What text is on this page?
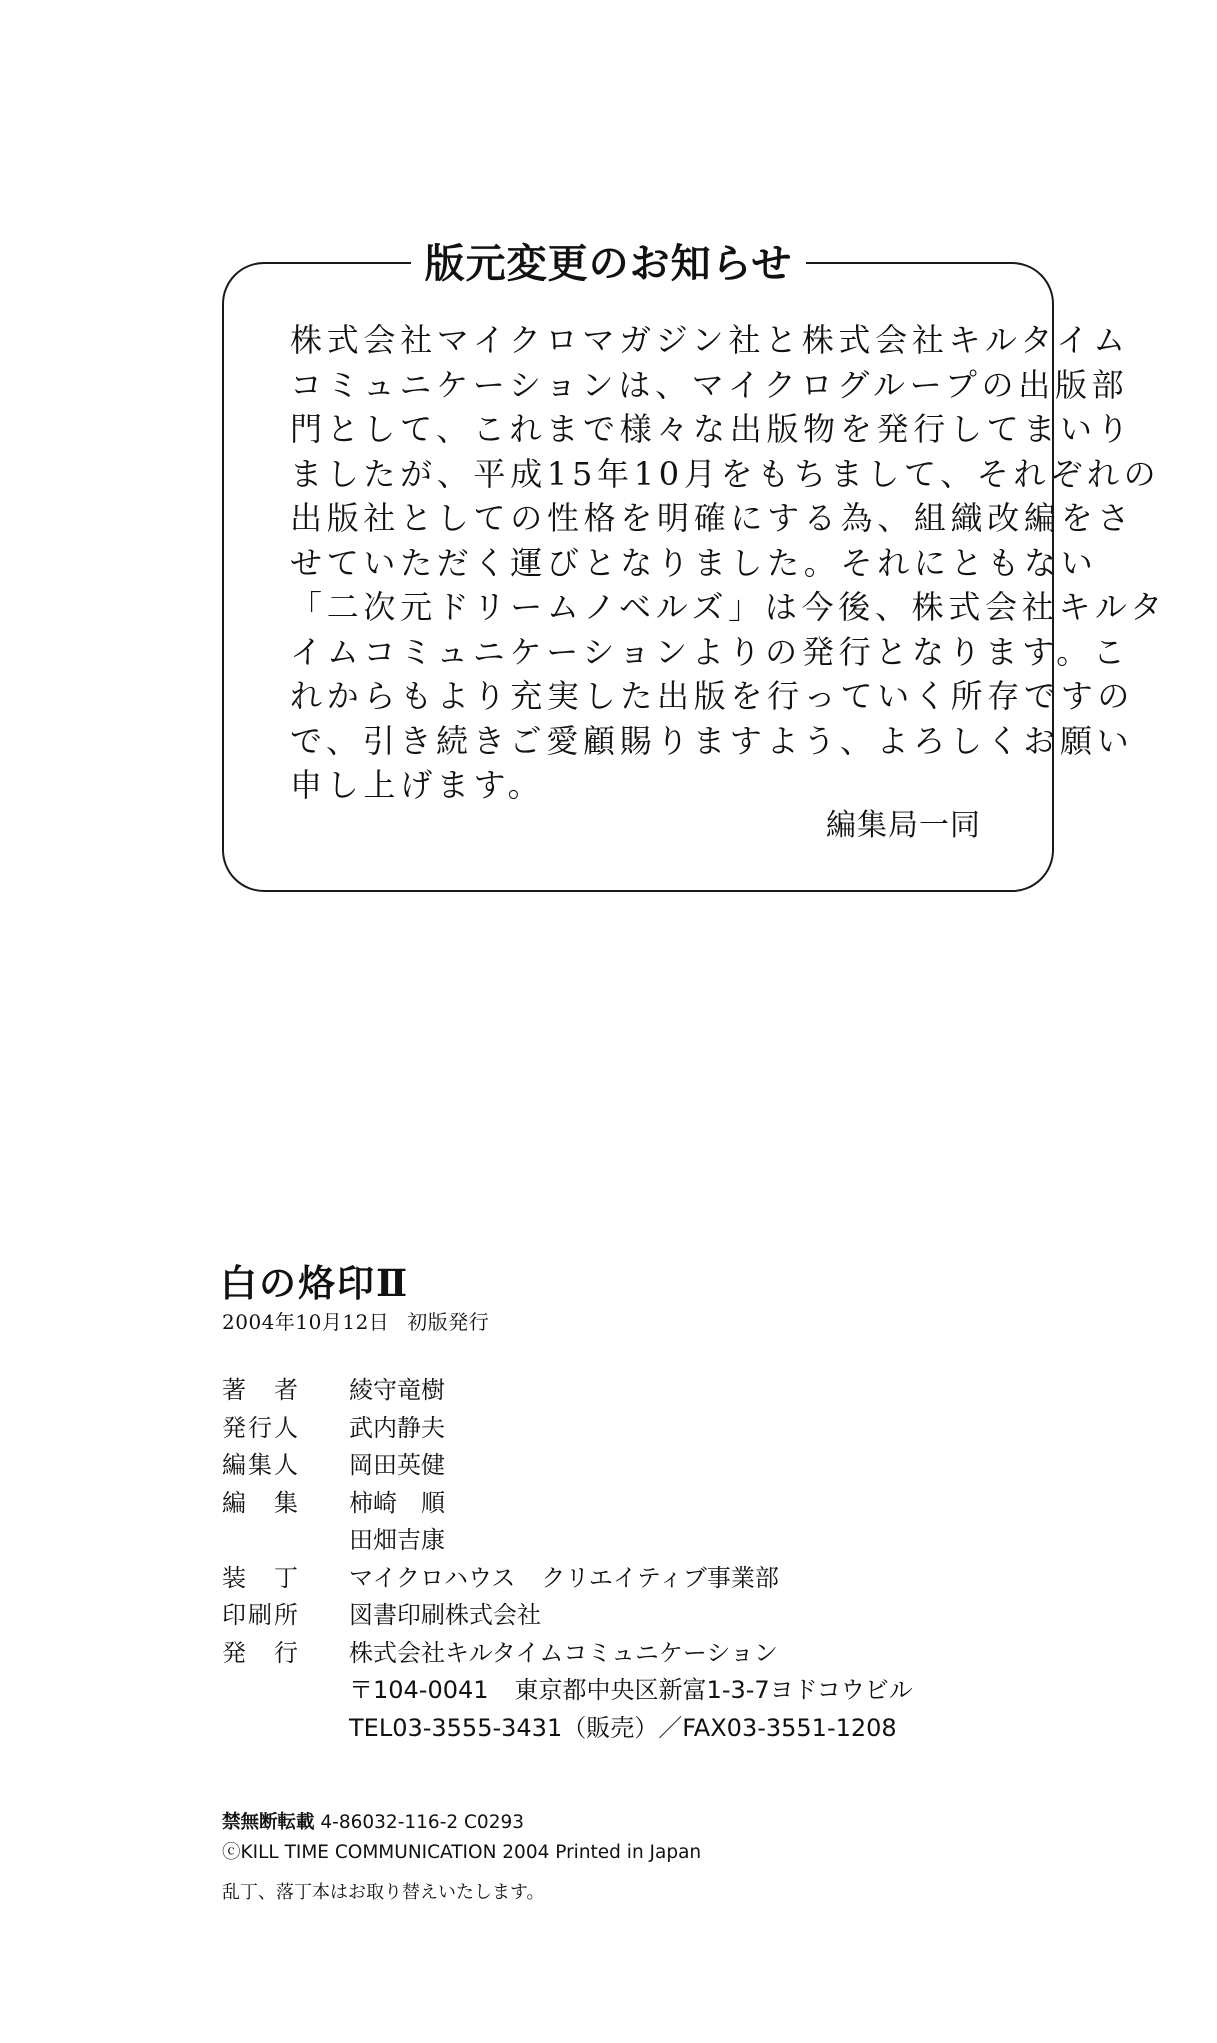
版元変更のお知らせ
株式会社マイクロマガジン社と株式会社キルタイム
コミュニケーションは、マイクログループの出版部
門として、これまで様々な出版物を発行してまいり
ましたが、平成15年10月をもちまして、それぞれの
出版社としての性格を明確にする為、組織改編をさ
せていただく運びとなりました。それにともない
「二次元ドリームノベルズ」は今後、株式会社キルタ
イムコミュニケーションよりの発行となります。こ
れからもより充実した出版を行っていく所存ですの
で、引き続きご愛顧賜りますよう、よろしくお願い
申し上げます。
編集局一同
白の烙印Ⅱ
2004年10月12日 初版発行
著者 綾守竜樹
発行人 武内静夫
編集人 岡田英健
編集 柿崎　順
田畑吉康
装丁 マイクロハウス クリエイティブ事業部
印刷所 図書印刷株式会社
発行 株式会社キルタイムコミュニケーション
〒104-0041 東京都中央区新富1-3-7ヨドコウビル
TEL03-3555-3431（販売）／FAX03-3551-1208
禁無断転載 4-86032-116-2 C0293
ⓒKILL TIME COMMUNICATION 2004 Printed in Japan
乱丁、落丁本はお取り替えいたします。
